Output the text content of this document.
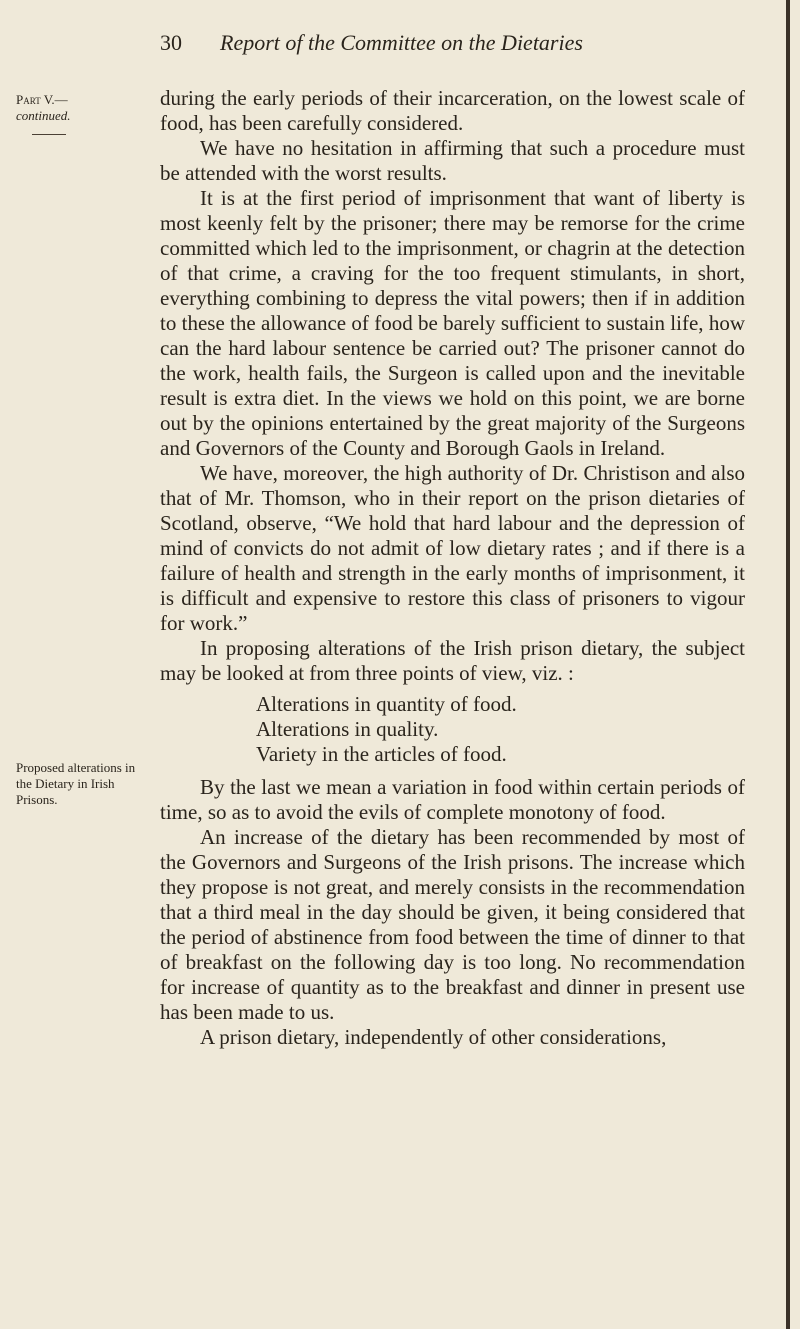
30 Report of the Committee on the Dietaries
Part V.—
continued.
Proposed alterations in the Dietary in Irish Prisons.

during the early periods of their incarceration, on the lowest scale of food, has been carefully considered.

We have no hesitation in affirming that such a procedure must be attended with the worst results.

It is at the first period of imprisonment that want of liberty is most keenly felt by the prisoner; there may be remorse for the crime committed which led to the imprisonment, or chagrin at the detection of that crime, a craving for the too frequent stimulants, in short, everything combining to depress the vital powers; then if in addition to these the allowance of food be barely sufficient to sustain life, how can the hard labour sentence be carried out? The prisoner cannot do the work, health fails, the Surgeon is called upon and the inevitable result is extra diet. In the views we hold on this point, we are borne out by the opinions entertained by the great majority of the Surgeons and Governors of the County and Borough Gaols in Ireland.

We have, moreover, the high authority of Dr. Christison and also that of Mr. Thomson, who in their report on the prison dietaries of Scotland, observe, “We hold that hard labour and the depression of mind of convicts do not admit of low dietary rates ; and if there is a failure of health and strength in the early months of imprisonment, it is difficult and expensive to restore this class of prisoners to vigour for work.”

In proposing alterations of the Irish prison dietary, the subject may be looked at from three points of view, viz. :

Alterations in quantity of food.
Alterations in quality.
Variety in the articles of food.

By the last we mean a variation in food within certain periods of time, so as to avoid the evils of complete monotony of food.

An increase of the dietary has been recommended by most of the Governors and Surgeons of the Irish prisons. The increase which they propose is not great, and merely consists in the recommendation that a third meal in the day should be given, it being considered that the period of abstinence from food between the time of dinner to that of breakfast on the following day is too long. No recommendation for increase of quantity as to the breakfast and dinner in present use has been made to us.

A prison dietary, independently of other considerations,
